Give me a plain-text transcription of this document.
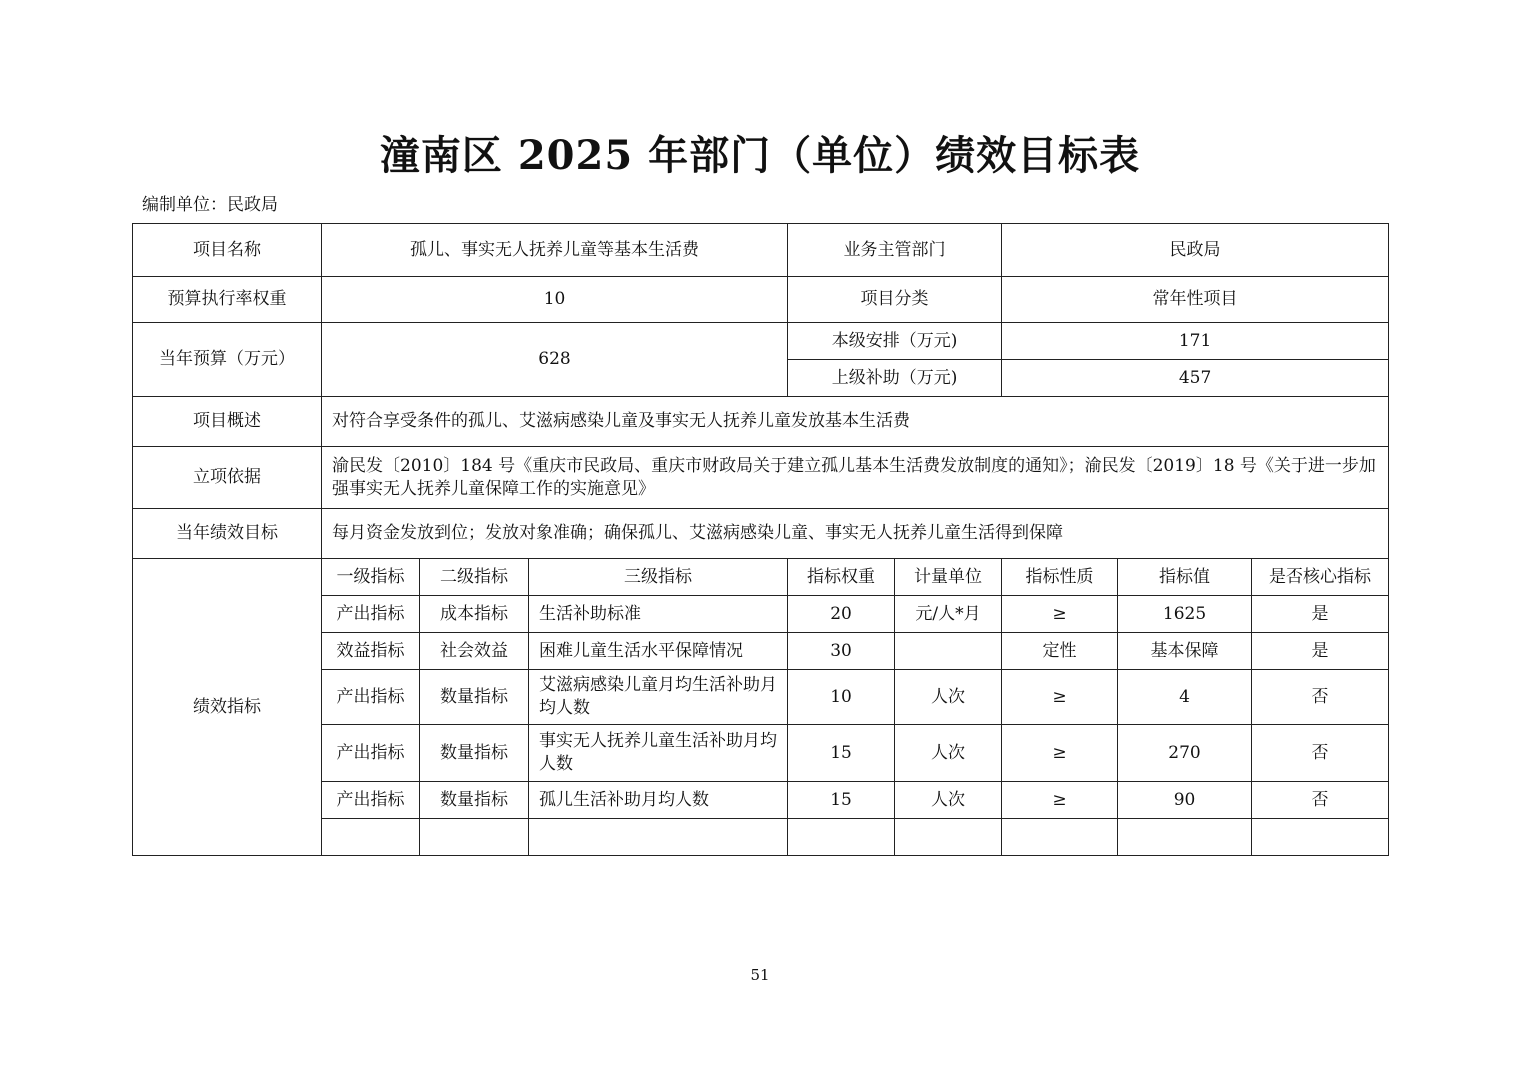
潼南区 2025 年部门（单位）绩效目标表
编制单位：民政局
项目名称	孤儿、事实无人抚养儿童等基本生活费			业务主管部门		民政局		
预算执行率权重	10			项目分类		常年性项目		
当年预算（万元）	628			本级安排（万元)		171		
				上级补助（万元)		457		
项目概述	对符合享受条件的孤儿、艾滋病感染儿童及事实无人抚养儿童发放基本生活费							
立项依据	渝民发〔2010〕184 号《重庆市民政局、重庆市财政局关于建立孤儿基本生活费发放制度的通知》；渝民发〔2019〕18 号《关于进一步加强事实无人抚养儿童保障工作的实施意见》							
当年绩效目标	每月资金发放到位；发放对象准确；确保孤儿、艾滋病感染儿童、事实无人抚养儿童生活得到保障							
绩效指标	一级指标	二级指标	三级指标	指标权重	计量单位	指标性质	指标值	是否核心指标
	产出指标	成本指标	生活补助标准	20	元/人*月	≥	1625	是
	效益指标	社会效益	困难儿童生活水平保障情况	30		定性	基本保障	是
	产出指标	数量指标	艾滋病感染儿童月均生活补助月均人数	10	人次	≥	4	否
	产出指标	数量指标	事实无人抚养儿童生活补助月均人数	15	人次	≥	270	否
	产出指标	数量指标	孤儿生活补助月均人数	15	人次	≥	90	否

51
